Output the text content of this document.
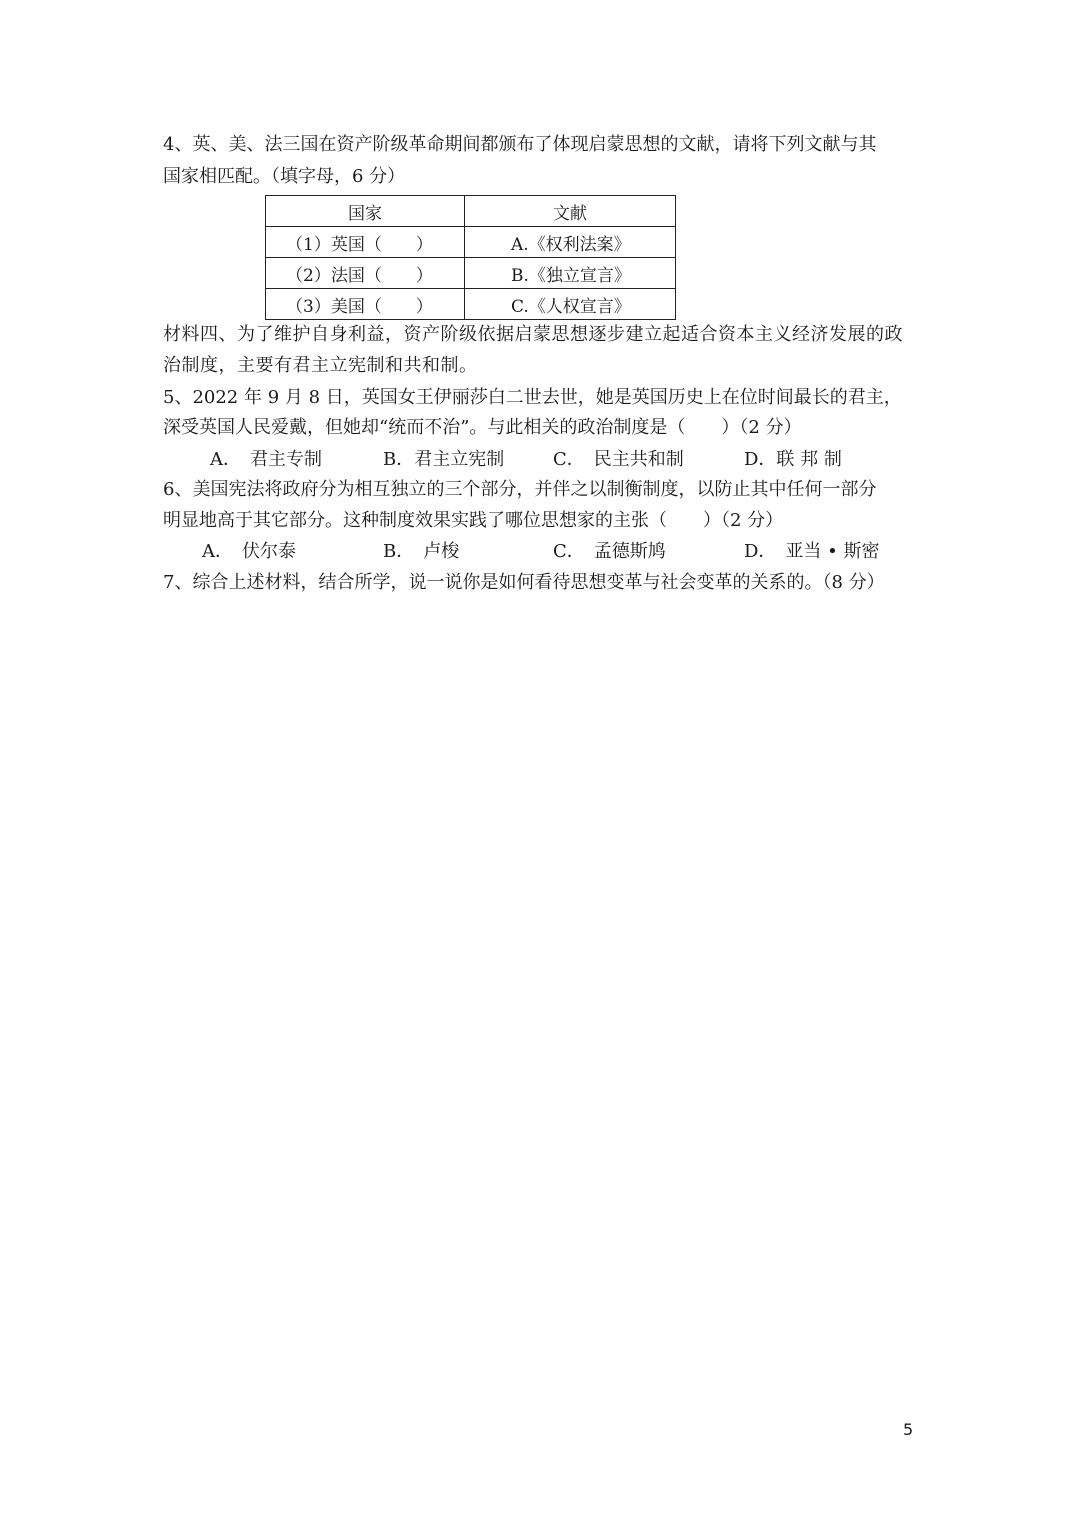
4、英、美、法三国在资产阶级革命期间都颁布了体现启蒙思想的文献，请将下列文献与其
国家相匹配。（填字母，6 分）
国家	文献
（1）英国（　　）	A.《权利法案》
（2）法国（　　）	B.《独立宣言》
（3）美国（　　）	C.《人权宣言》
材料四、为了维护自身利益，资产阶级依据启蒙思想逐步建立起适合资本主义经济发展的政
治制度，主要有君主立宪制和共和制。
5、2022 年 9 月 8 日，英国女王伊丽莎白二世去世，她是英国历史上在位时间最长的君主，
深受英国人民爱戴，但她却“统而不治”。与此相关的政治制度是（　　）（2 分）
A．　君主专制	B．君主立宪制	C．　民主共和制	D．联 邦 制
6、美国宪法将政府分为相互独立的三个部分，并伴之以制衡制度，以防止其中任何一部分
明显地高于其它部分。这种制度效果实践了哪位思想家的主张（　　）（2 分）
A．　伏尔泰	B．　卢梭	C．　孟德斯鸠	D．　亚当 • 斯密
7、综合上述材料，结合所学，说一说你是如何看待思想变革与社会变革的关系的。（8 分）
5
